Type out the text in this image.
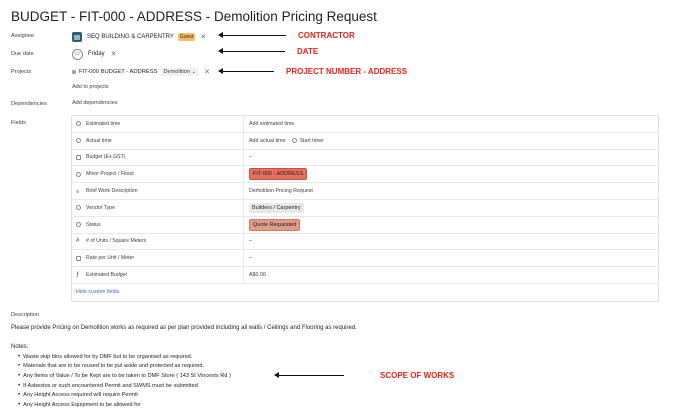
BUDGET - FIT-000 - ADDRESS - Demolition Pricing Request
Assignee	SEQ BUILDING & CARPENTRY	Guest ✕	CONTRACTOR
Due date	▭	Friday ✕	DATE
Projects	FIT-000 BUDGET - ADDRESS	Demolition ⌄	✕	PROJECT NUMBER - ADDRESS
Add to projects
Dependencies	Add dependencies
Fields	Estimated time	Add estimated time
Actual time	Add actual time	Start timer
Budget (Ex GST)	–
Minor Project / Fitout	FIT-000 - ADDRESS
≡	Brief Work Description	Demolition Pricing Request
Vendor Type	Builders / Carpentry
Status	Quote Requested
#	# of Units / Square Meters	–
Rate per Unit / Meter	–
ƒ	Estimated Budget	A$0.00
Hide custom fields
Description
Please provide Pricing on Demolition works as required as per plan provided including all walls / Ceilings and Flooring as required.
Notes:
• Waste skip bins allowed for by DMF but to be organised as required.
• Materials that are to be reused to be put aside and protected as required.
• Any Items of Value / To be Kept are to be taken to DMF Store ( 143 St Vincents Rd )
• If Asbestos or such encountered Permit and SWMS must be submitted
• Any Height Access required will require Permit
• Any Height Access Equipment to be allowed for
SCOPE OF WORKS
